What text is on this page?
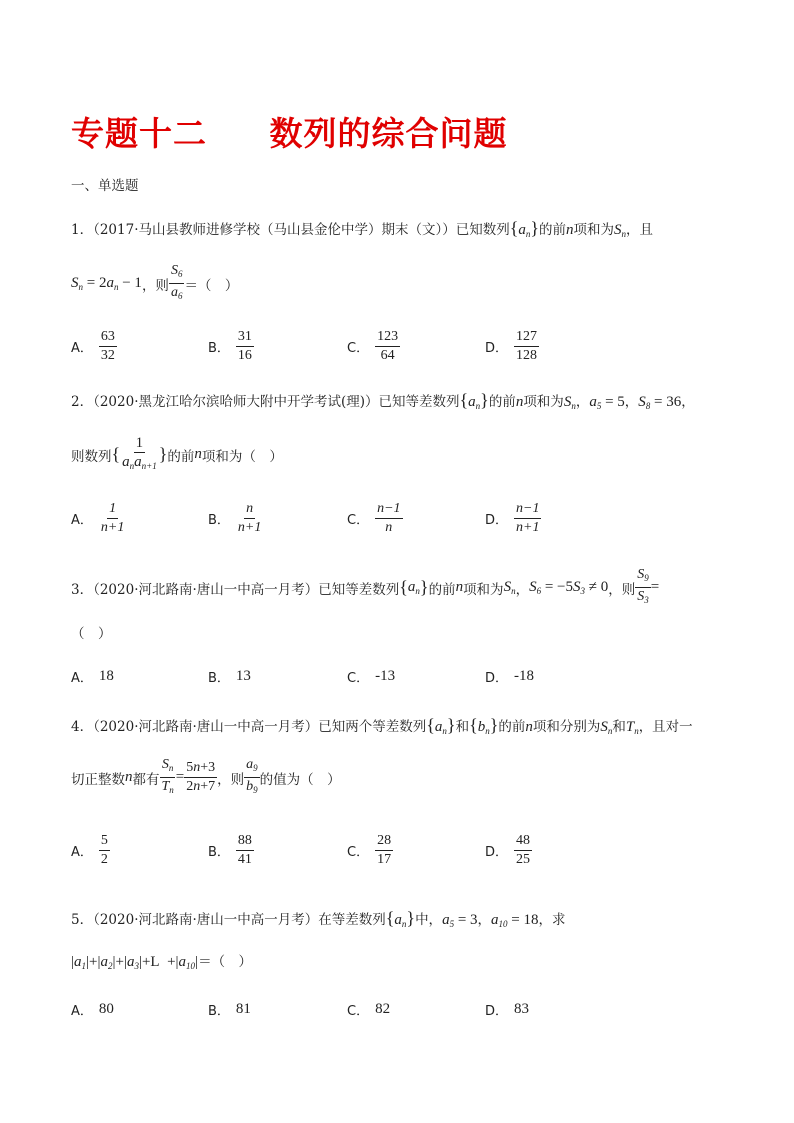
专题十二     数列的综合问题
一、单选题
1．（2017·马山县教师进修学校（马山县金伦中学）期末（文））已知数列$\{a_n\}$的前n项和为$S_n$，且
$S_n = 2$ $a_n - 1$ ，则 $\frac{S_6}{a_6}$ ＝（　）
A． $\frac{63}{32}$	B． $\frac{31}{16}$	C． $\frac{123}{64}$	D． $\frac{127}{128}$
2．（2020·黑龙江哈尔滨哈师大附中开学考试(理)）已知等差数列$\{a_n\}$的前n项和为$S_n$，$a_5 = 5$，$S_8 = 36$，
则数列 { $\frac{1}{a_na_{n+1}}$ } 的前 n 项和为（　）
A． $\frac{1}{n+1}$	B． $\frac{n}{n+1}$	C． $\frac{n-1}{n}$	D． $\frac{n-1}{n+1}$
3．（2020·河北路南·唐山一中高一月考）已知等差数列 { $a_n$ } 的前 n 项和为 $S_n$ ， $S_6 = -5$ $S_3 \ne 0$ ，则 $\frac{S_9}{S_3}$ =
（　）
A． 18	B． 13	C． -13	D． -18
4．（2020·河北路南·唐山一中高一月考）已知两个等差数列$\{a_n\}$和$\{b_n\}$的前n项和分别为$S_n$和$T_n$，且对一
切正整数 n 都有 $\frac{S_n}{T_n} = \frac{5n+3}{2n+7}$ ，则 $\frac{a_9}{b_9}$ 的值为（　）
A． $\frac{5}{2}$	B． $\frac{88}{41}$	C． $\frac{28}{17}$	D． $\frac{48}{25}$
5．（2020·河北路南·唐山一中高一月考）在等差数列$\{a_n\}$中，$a_5 = 3$，$a_{10} = 18$，求
$|a_1|+|a_2|+|a_3|+L +|a_{10}|=$（　）
A． 80	B． 81	C． 82	D． 83
